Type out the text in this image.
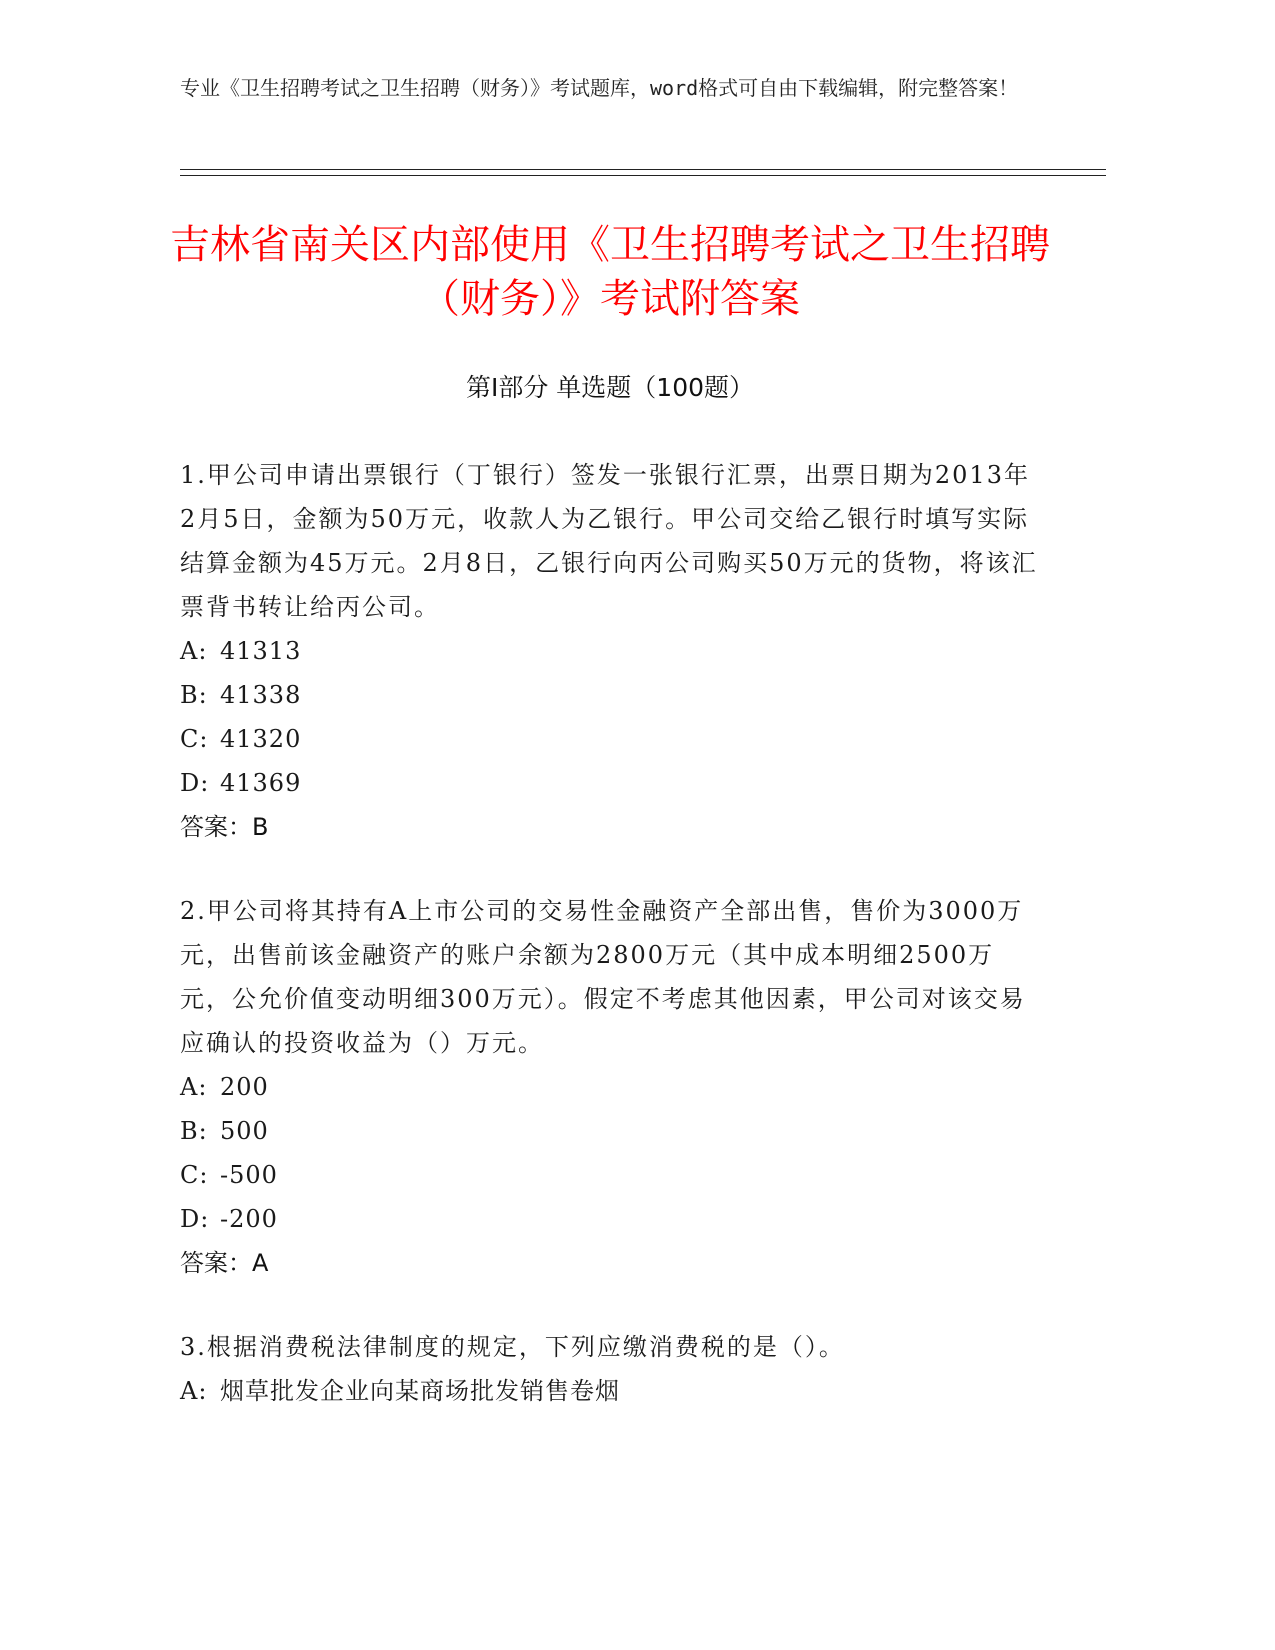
专业《卫生招聘考试之卫生招聘（财务）》考试题库，word格式可自由下载编辑，附完整答案！
吉林省南关区内部使用《卫生招聘考试之卫生招聘（财务）》考试附答案
第Ⅰ部分 单选题（100题）

1.甲公司申请出票银行（丁银行）签发一张银行汇票，出票日期为2013年2月5日，金额为50万元，收款人为乙银行。甲公司交给乙银行时填写实际结算金额为45万元。2月8日，乙银行向丙公司购买50万元的货物，将该汇票背书转让给丙公司。

A: 41313
B: 41338
C: 41320
D: 41369
答案：B

2.甲公司将其持有A上市公司的交易性金融资产全部出售，售价为3000万元，出售前该金融资产的账户余额为2800万元（其中成本明细2500万元，公允价值变动明细300万元）。假定不考虑其他因素，甲公司对该交易应确认的投资收益为（）万元。

A: 200
B: 500
C: -500
D: -200
答案：A

3.根据消费税法律制度的规定，下列应缴消费税的是（）。

A: 烟草批发企业向某商场批发销售卷烟
